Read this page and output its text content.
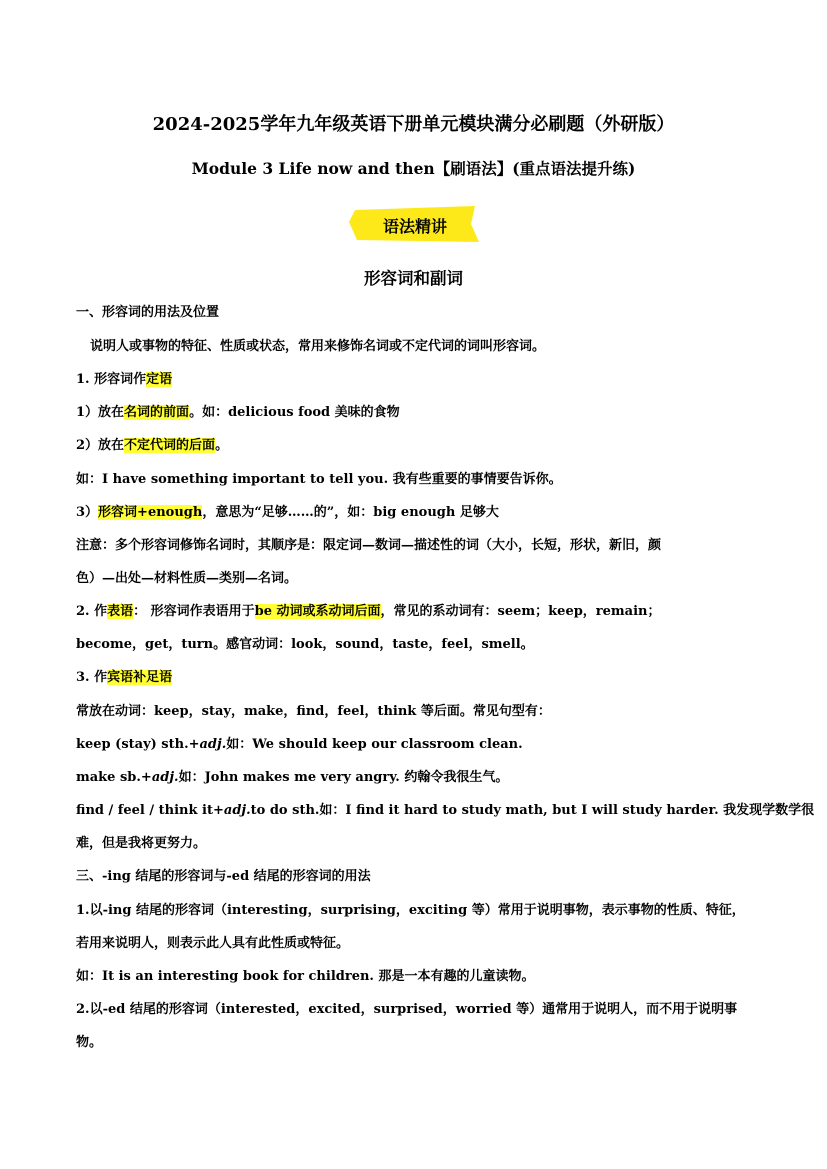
2024-2025学年九年级英语下册单元模块满分必刷题（外研版）
Module 3 Life now and then【刷语法】(重点语法提升练)
语法精讲
形容词和副词
一、形容词的用法及位置
说明人或事物的特征、性质或状态，常用来修饰名词或不定代词的词叫形容词。
1. 形容词作定语
1）放在名词的前面。如：delicious food 美味的食物
2）放在不定代词的后面。
如：I have something important to tell you. 我有些重要的事情要告诉你。
3）形容词+enough，意思为“足够……的”，如：big enough 足够大
注意：多个形容词修饰名词时，其顺序是：限定词—数词—描述性的词（大小，长短，形状，新旧，颜
色）—出处—材料性质—类别—名词。
2. 作表语： 形容词作表语用于be 动词或系动词后面，常见的系动词有：seem；keep，remain；
become，get，turn。感官动词：look，sound，taste，feel，smell。
3. 作宾语补足语
常放在动词：keep，stay，make，find，feel，think 等后面。常见句型有：
keep (stay) sth.+adj.如：We should keep our classroom clean.
make sb.+adj.如：John makes me very angry. 约翰令我很生气。
find / feel / think it+adj.to do sth.如：I find it hard to study math, but I will study harder. 我发现学数学很
难，但是我将更努力。
三、-ing 结尾的形容词与-ed 结尾的形容词的用法
1.以-ing 结尾的形容词（interesting，surprising，exciting 等）常用于说明事物，表示事物的性质、特征，
若用来说明人，则表示此人具有此性质或特征。
如：It is an interesting book for children. 那是一本有趣的儿童读物。
2.以-ed 结尾的形容词（interested，excited，surprised，worried 等）通常用于说明人，而不用于说明事
物。
